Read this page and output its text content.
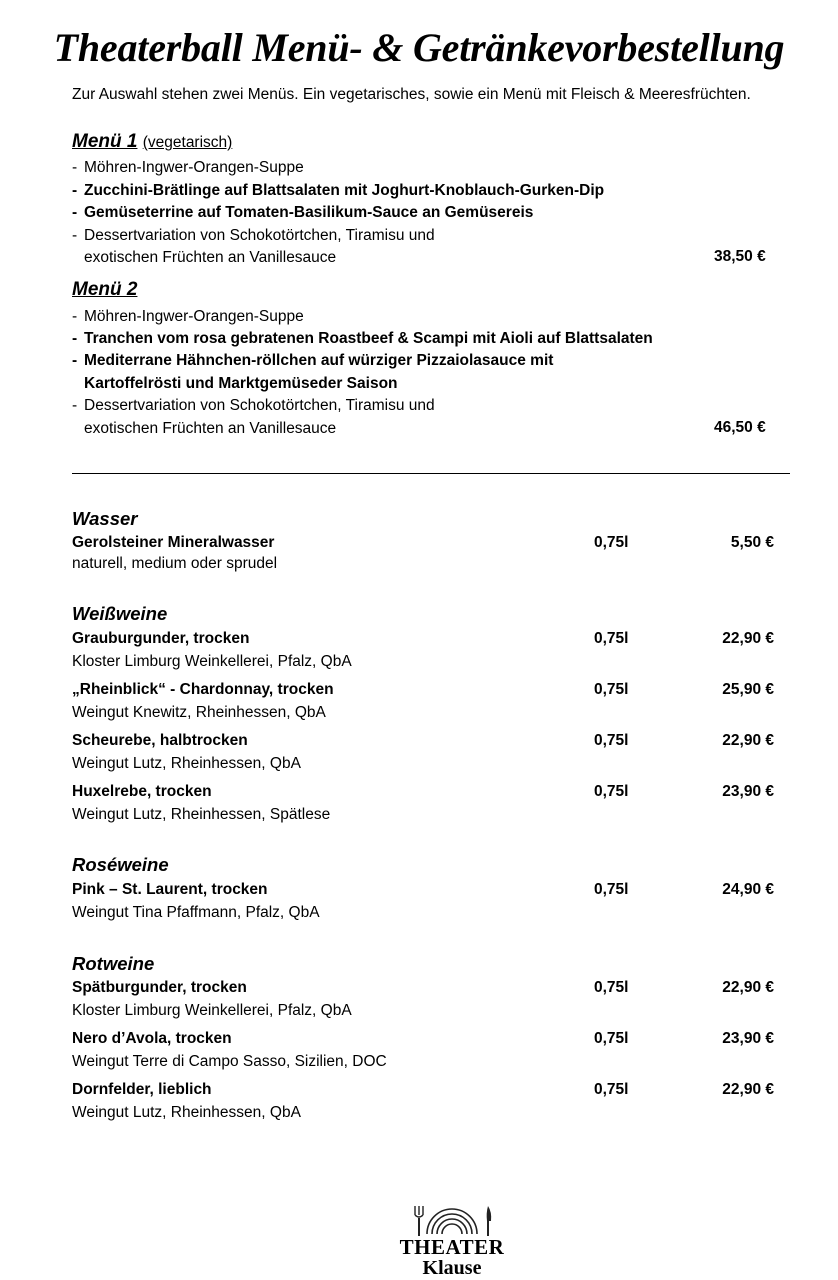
Theaterball Menü- & Getränkevorbestellung
Zur Auswahl stehen zwei Menüs. Ein vegetarisches, sowie ein Menü mit Fleisch & Meeresfrüchten.
Menü 1 (vegetarisch)
- Möhren-Ingwer-Orangen-Suppe
- Zucchini-Brätlinge auf Blattsalaten mit Joghurt-Knoblauch-Gurken-Dip
- Gemüseterrine auf Tomaten-Basilikum-Sauce an Gemüsereis
- Dessertvariation von Schokotörtchen, Tiramisu und
exotischen Früchten an Vanillesauce	38,50 €
Menü 2
- Möhren-Ingwer-Orangen-Suppe
- Tranchen vom rosa gebratenen Roastbeef & Scampi mit Aioli auf Blattsalaten
- Mediterrane Hähnchen-röllchen auf würziger Pizzaiolasauce mit
Kartoffelrösti und Marktgemüseder Saison
- Dessertvariation von Schokotörtchen, Tiramisu und
exotischen Früchten an Vanillesauce	46,50 €
Wasser
Gerolsteiner Mineralwasser	0,75l	5,50 €
naturell, medium oder sprudel
Weißweine
Grauburgunder, trocken	0,75l	22,90 €
Kloster Limburg Weinkellerei, Pfalz, QbA
„Rheinblick“ - Chardonnay, trocken	0,75l	25,90 €
Weingut Knewitz, Rheinhessen, QbA
Scheurebe, halbtrocken	0,75l	22,90 €
Weingut Lutz, Rheinhessen, QbA
Huxelrebe, trocken	0,75l	23,90 €
Weingut Lutz, Rheinhessen, Spätlese
Roséweine
Pink – St. Laurent, trocken	0,75l	24,90 €
Weingut Tina Pfaffmann, Pfalz, QbA
Rotweine
Spätburgunder, trocken	0,75l	22,90 €
Kloster Limburg Weinkellerei, Pfalz, QbA
Nero d’Avola, trocken	0,75l	23,90 €
Weingut Terre di Campo Sasso, Sizilien, DOC
Dornfelder, lieblich	0,75l	22,90 €
Weingut Lutz, Rheinhessen, QbA
THEATER
Klause
